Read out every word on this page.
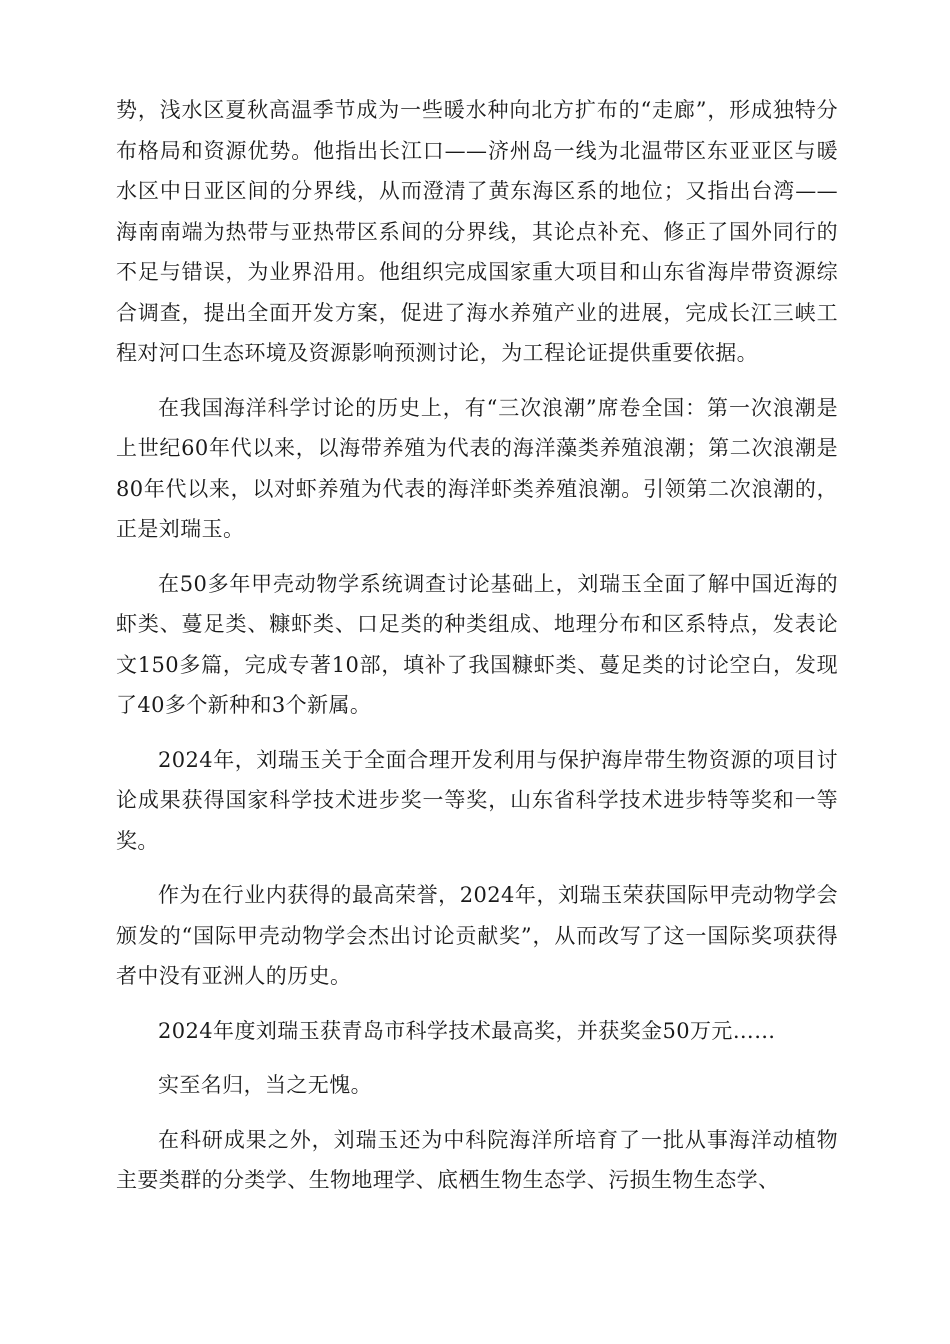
势，浅水区夏秋高温季节成为一些暖水种向北方扩布的“走廊”，形成独特分布格局和资源优势。他指出长江口——济州岛一线为北温带区东亚亚区与暖水区中日亚区间的分界线，从而澄清了黄东海区系的地位；又指出台湾——海南南端为热带与亚热带区系间的分界线，其论点补充、修正了国外同行的不足与错误，为业界沿用。他组织完成国家重大项目和山东省海岸带资源综合调查，提出全面开发方案，促进了海水养殖产业的进展，完成长江三峡工程对河口生态环境及资源影响预测讨论，为工程论证提供重要依据。

在我国海洋科学讨论的历史上，有“三次浪潮”席卷全国：第一次浪潮是上世纪60年代以来，以海带养殖为代表的海洋藻类养殖浪潮；第二次浪潮是80年代以来，以对虾养殖为代表的海洋虾类养殖浪潮。引领第二次浪潮的，正是刘瑞玉。

在50多年甲壳动物学系统调查讨论基础上，刘瑞玉全面了解中国近海的虾类、蔓足类、糠虾类、口足类的种类组成、地理分布和区系特点，发表论文150多篇，完成专著10部，填补了我国糠虾类、蔓足类的讨论空白，发现了40多个新种和3个新属。

2024年，刘瑞玉关于全面合理开发利用与保护海岸带生物资源的项目讨论成果获得国家科学技术进步奖一等奖，山东省科学技术进步特等奖和一等奖。

作为在行业内获得的最高荣誉，2024年，刘瑞玉荣获国际甲壳动物学会颁发的“国际甲壳动物学会杰出讨论贡献奖”，从而改写了这一国际奖项获得者中没有亚洲人的历史。

2024年度刘瑞玉获青岛市科学技术最高奖，并获奖金50万元……

实至名归，当之无愧。

在科研成果之外，刘瑞玉还为中科院海洋所培育了一批从事海洋动植物主要类群的分类学、生物地理学、底栖生物生态学、污损生物生态学、
